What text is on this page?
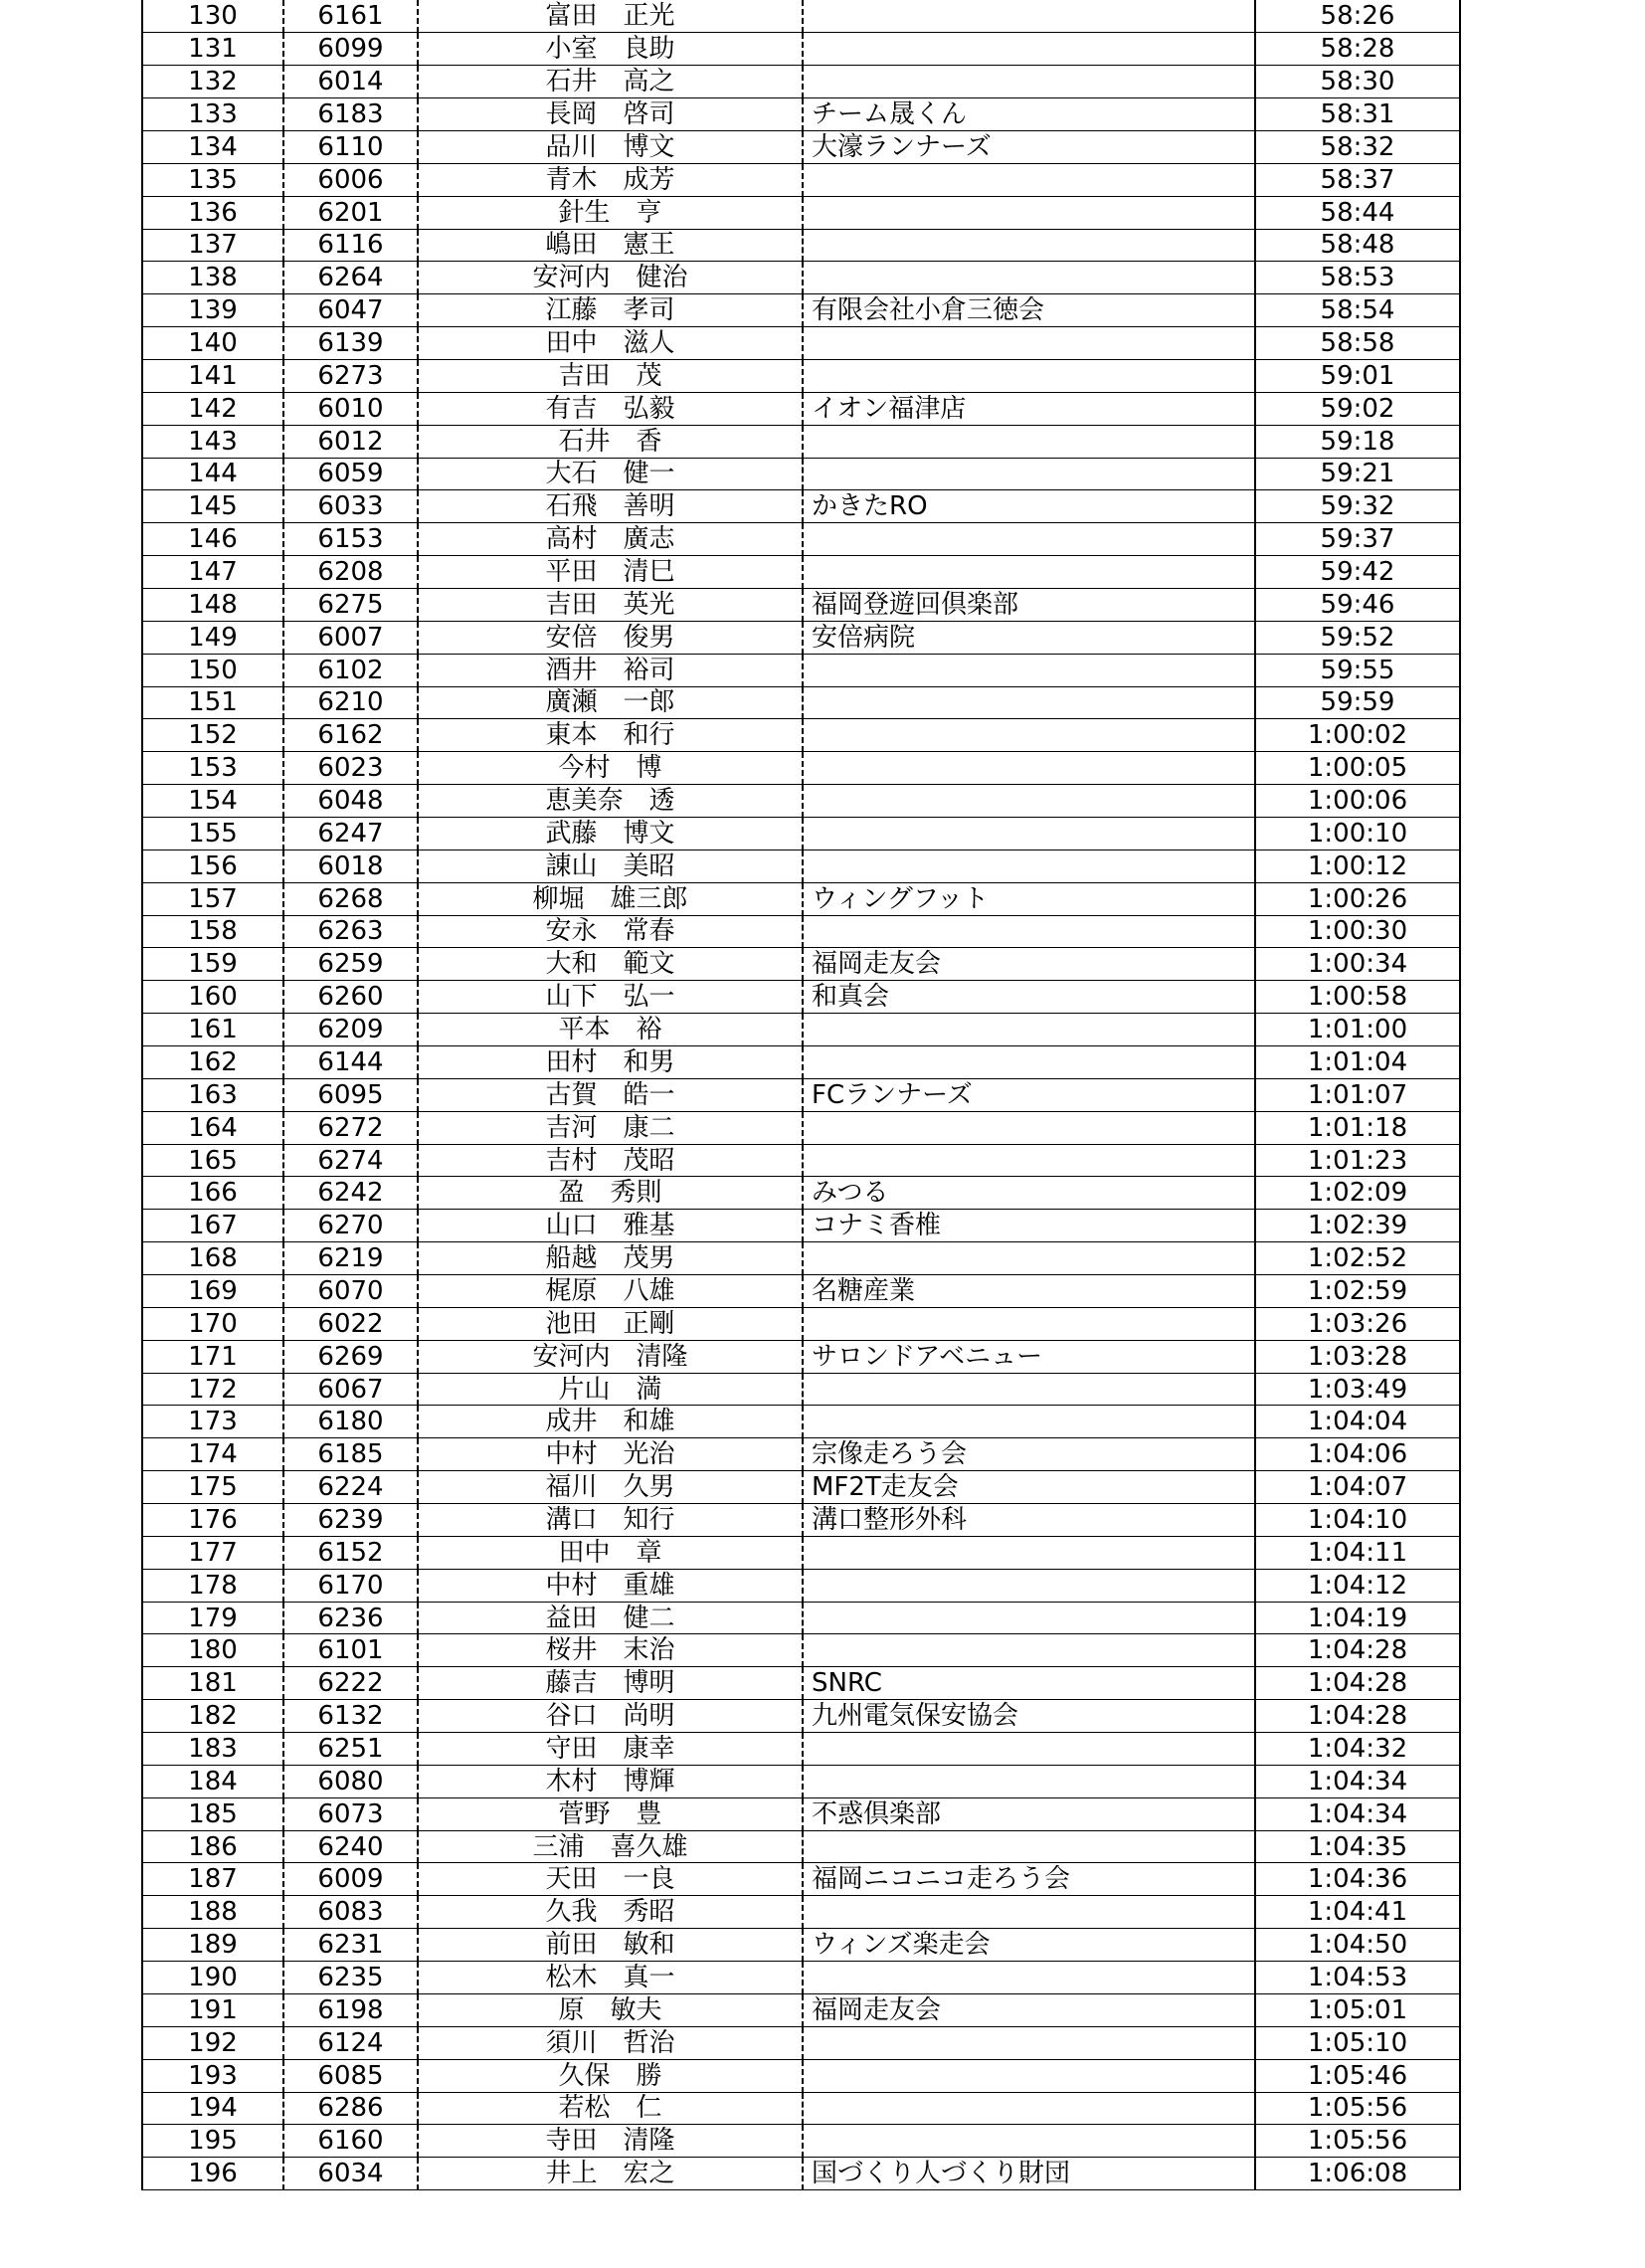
130	6161	富田　正光		58:26
131	6099	小室　良助		58:28
132	6014	石井　高之		58:30
133	6183	長岡　啓司	チーム晟くん	58:31
134	6110	品川　博文	大濠ランナーズ	58:32
135	6006	青木　成芳		58:37
136	6201	針生　亨		58:44
137	6116	嶋田　憲王		58:48
138	6264	安河内　健治		58:53
139	6047	江藤　孝司	有限会社小倉三徳会	58:54
140	6139	田中　滋人		58:58
141	6273	吉田　茂		59:01
142	6010	有吉　弘毅	イオン福津店	59:02
143	6012	石井　香		59:18
144	6059	大石　健一		59:21
145	6033	石飛　善明	かきたRO	59:32
146	6153	高村　廣志		59:37
147	6208	平田　清巳		59:42
148	6275	吉田　英光	福岡登遊回倶楽部	59:46
149	6007	安倍　俊男	安倍病院	59:52
150	6102	酒井　裕司		59:55
151	6210	廣瀬　一郎		59:59
152	6162	東本　和行		1:00:02
153	6023	今村　博		1:00:05
154	6048	恵美奈　透		1:00:06
155	6247	武藤　博文		1:00:10
156	6018	諌山　美昭		1:00:12
157	6268	柳堀　雄三郎	ウィングフット	1:00:26
158	6263	安永　常春		1:00:30
159	6259	大和　範文	福岡走友会	1:00:34
160	6260	山下　弘一	和真会	1:00:58
161	6209	平本　裕		1:01:00
162	6144	田村　和男		1:01:04
163	6095	古賀　皓一	FCランナーズ	1:01:07
164	6272	吉河　康二		1:01:18
165	6274	吉村　茂昭		1:01:23
166	6242	盈　秀則	みつる	1:02:09
167	6270	山口　雅基	コナミ香椎	1:02:39
168	6219	船越　茂男		1:02:52
169	6070	梶原　八雄	名糖産業	1:02:59
170	6022	池田　正剛		1:03:26
171	6269	安河内　清隆	サロンドアベニュー	1:03:28
172	6067	片山　満		1:03:49
173	6180	成井　和雄		1:04:04
174	6185	中村　光治	宗像走ろう会	1:04:06
175	6224	福川　久男	MF2T走友会	1:04:07
176	6239	溝口　知行	溝口整形外科	1:04:10
177	6152	田中　章		1:04:11
178	6170	中村　重雄		1:04:12
179	6236	益田　健二		1:04:19
180	6101	桜井　末治		1:04:28
181	6222	藤吉　博明	SNRC	1:04:28
182	6132	谷口　尚明	九州電気保安協会	1:04:28
183	6251	守田　康幸		1:04:32
184	6080	木村　博輝		1:04:34
185	6073	菅野　豊	不惑倶楽部	1:04:34
186	6240	三浦　喜久雄		1:04:35
187	6009	天田　一良	福岡ニコニコ走ろう会	1:04:36
188	6083	久我　秀昭		1:04:41
189	6231	前田　敏和	ウィンズ楽走会	1:04:50
190	6235	松木　真一		1:04:53
191	6198	原　敏夫	福岡走友会	1:05:01
192	6124	須川　哲治		1:05:10
193	6085	久保　勝		1:05:46
194	6286	若松　仁		1:05:56
195	6160	寺田　清隆		1:05:56
196	6034	井上　宏之	国づくり人づくり財団	1:06:08
